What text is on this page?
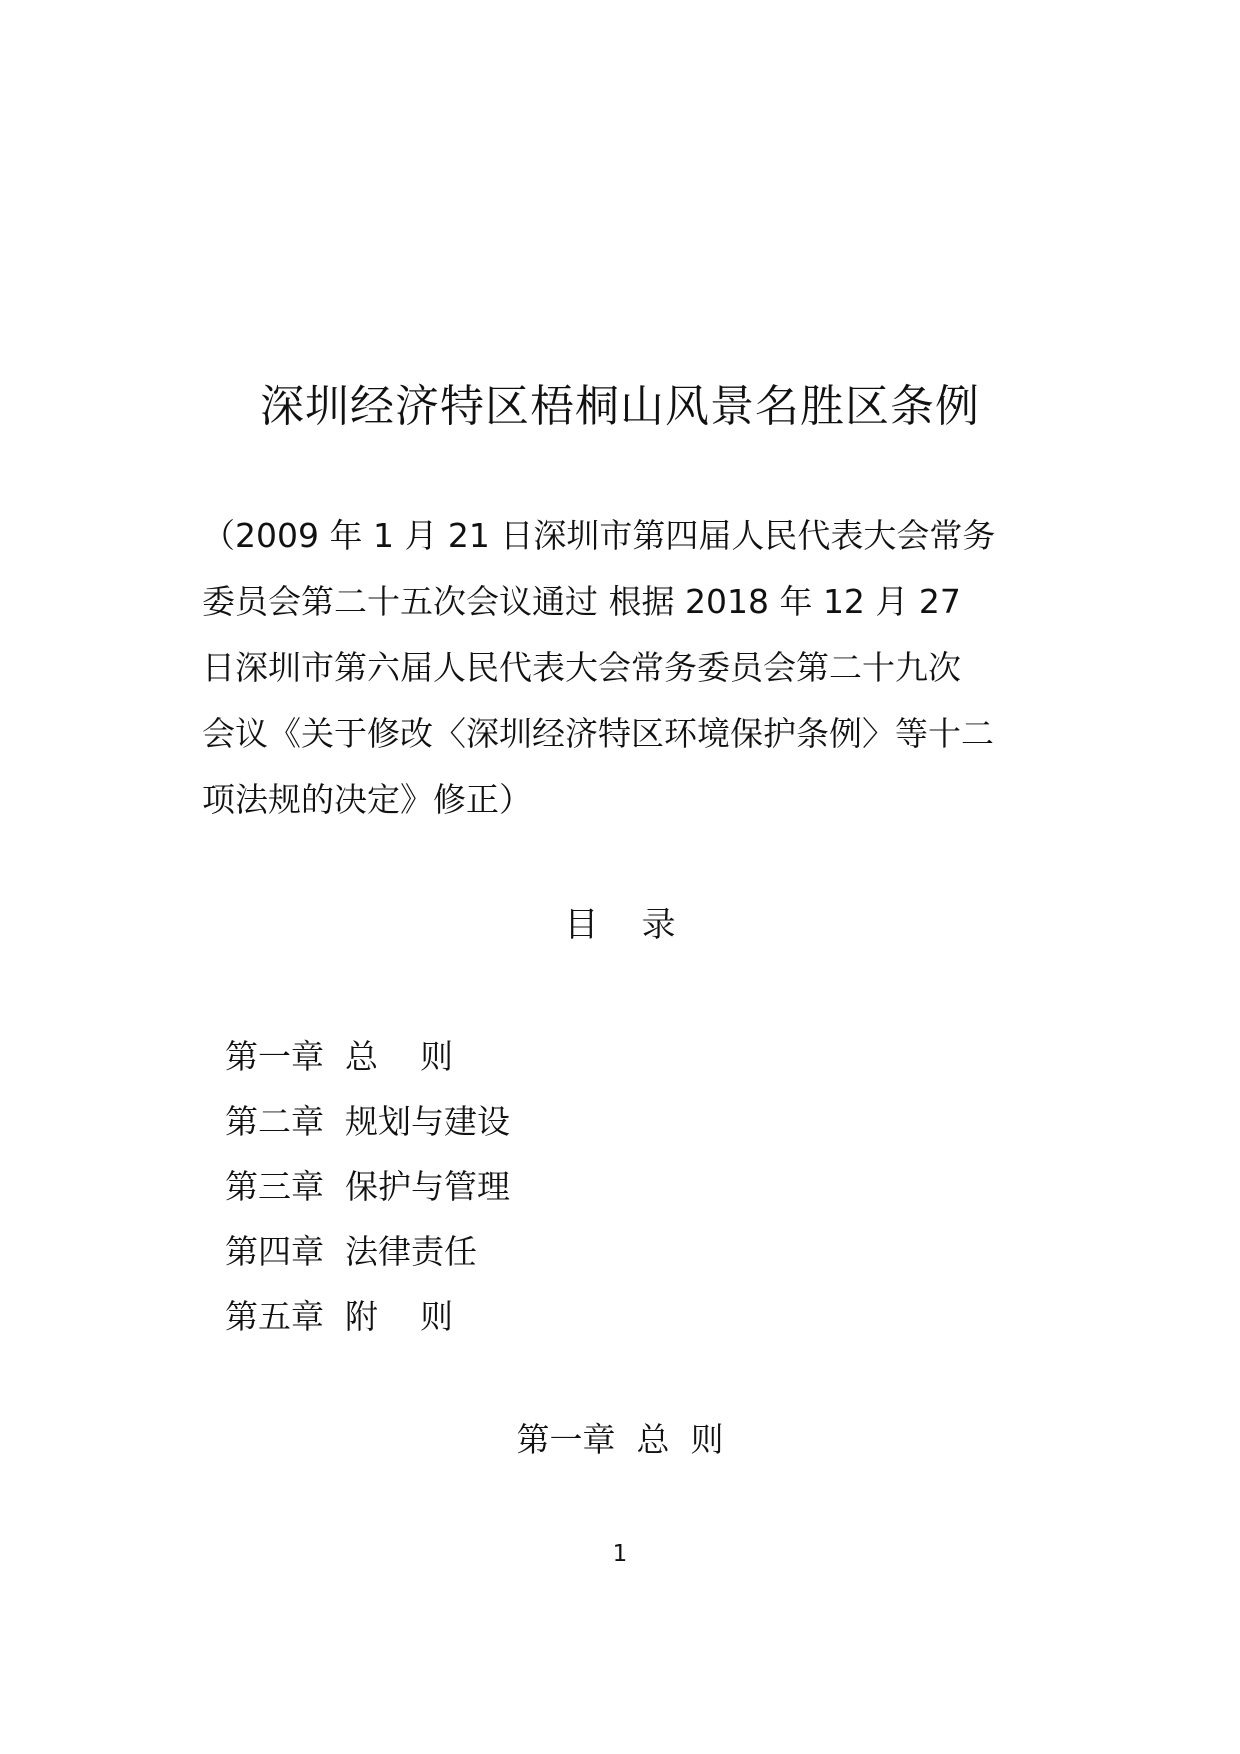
深圳经济特区梧桐山风景名胜区条例
（2009 年 1 月 21 日深圳市第四届人民代表大会常务
委员会第二十五次会议通过 根据 2018 年 12 月 27
日深圳市第六届人民代表大会常务委员会第二十九次
会议《关于修改〈深圳经济特区环境保护条例〉等十二
项法规的决定》修正）
目    录
第一章 总    则
第二章 规划与建设
第三章 保护与管理
第四章 法律责任
第五章 附    则
第一章  总  则
1
